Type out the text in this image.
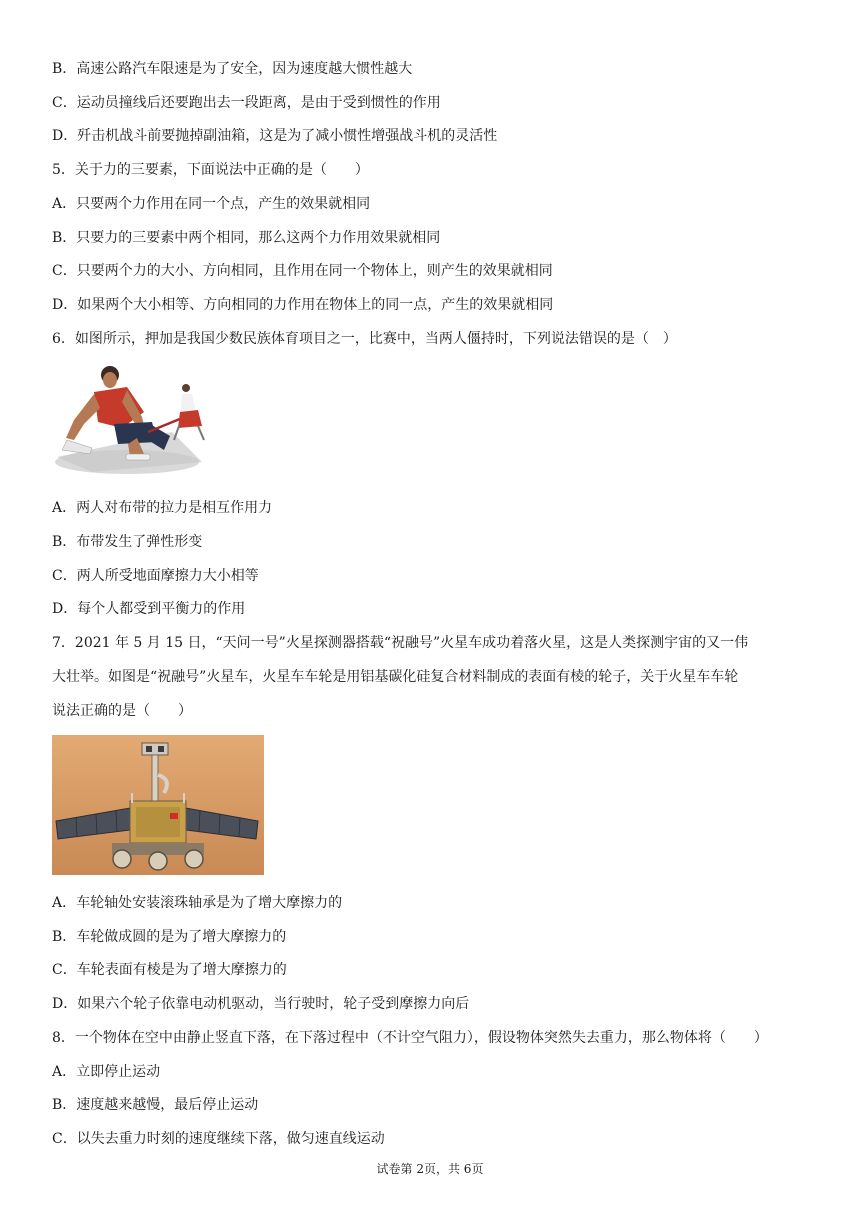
B．高速公路汽车限速是为了安全，因为速度越大惯性越大
C．运动员撞线后还要跑出去一段距离，是由于受到惯性的作用
D．歼击机战斗前要抛掉副油箱，这是为了减小惯性增强战斗机的灵活性
5．关于力的三要素，下面说法中正确的是（　　）
A．只要两个力作用在同一个点，产生的效果就相同
B．只要力的三要素中两个相同，那么这两个力作用效果就相同
C．只要两个力的大小、方向相同，且作用在同一个物体上，则产生的效果就相同
D．如果两个大小相等、方向相同的力作用在物体上的同一点，产生的效果就相同
6．如图所示，押加是我国少数民族体育项目之一，比赛中，当两人僵持时，下列说法错误的是（　）
A．两人对布带的拉力是相互作用力
B．布带发生了弹性形变
C．两人所受地面摩擦力大小相等
D．每个人都受到平衡力的作用
7．2021 年 5 月 15 日，“天问一号”火星探测器搭载“祝融号”火星车成功着落火星，这是人类探测宇宙的又一伟
大壮举。如图是“祝融号”火星车，火星车车轮是用铝基碳化硅复合材料制成的表面有棱的轮子，关于火星车车轮
说法正确的是（　　）
A．车轮轴处安装滚珠轴承是为了增大摩擦力的
B．车轮做成圆的是为了增大摩擦力的
C．车轮表面有棱是为了增大摩擦力的
D．如果六个轮子依靠电动机驱动，当行驶时，轮子受到摩擦力向后
8．一个物体在空中由静止竖直下落，在下落过程中（不计空气阻力），假设物体突然失去重力，那么物体将（　　）
A．立即停止运动
B．速度越来越慢，最后停止运动
C．以失去重力时刻的速度继续下落，做匀速直线运动
试卷第 2页，共 6页
